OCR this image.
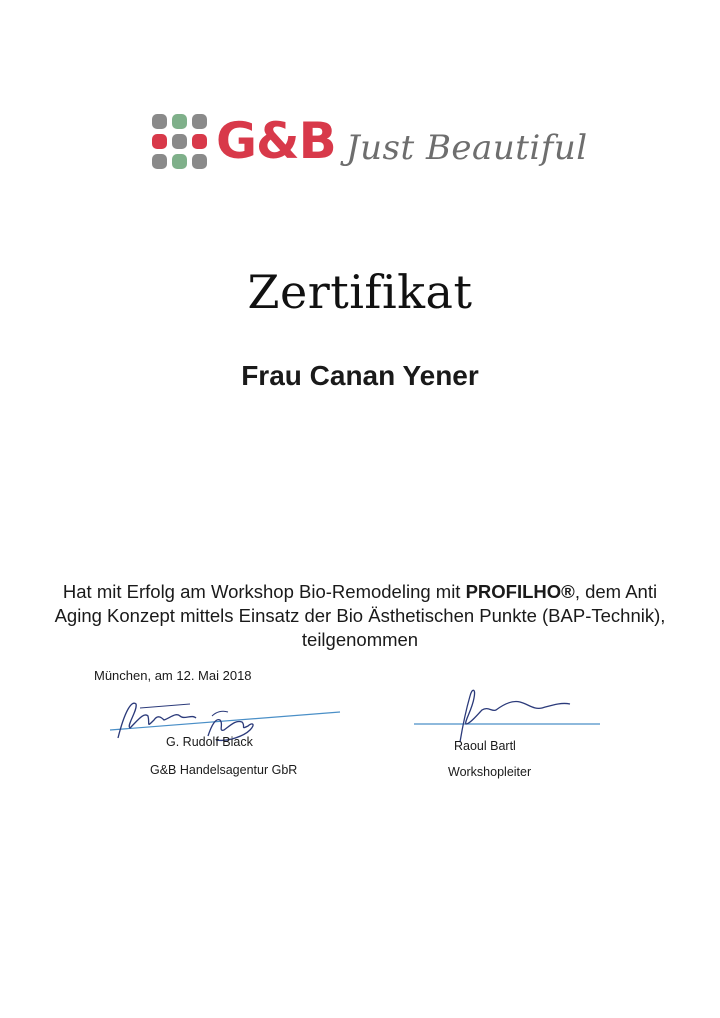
G&B Just Beautiful
Zertifikat
Frau Canan Yener
Hat mit Erfolg am Workshop Bio-Remodeling mit PROFILHO®, dem Anti Aging Konzept mittels Einsatz der Bio Ästhetischen Punkte (BAP-Technik), teilgenommen
München, am 12. Mai 2018
G. Rudolf Biack
G&B Handelsagentur GbR
Raoul Bartl
Workshopleiter
